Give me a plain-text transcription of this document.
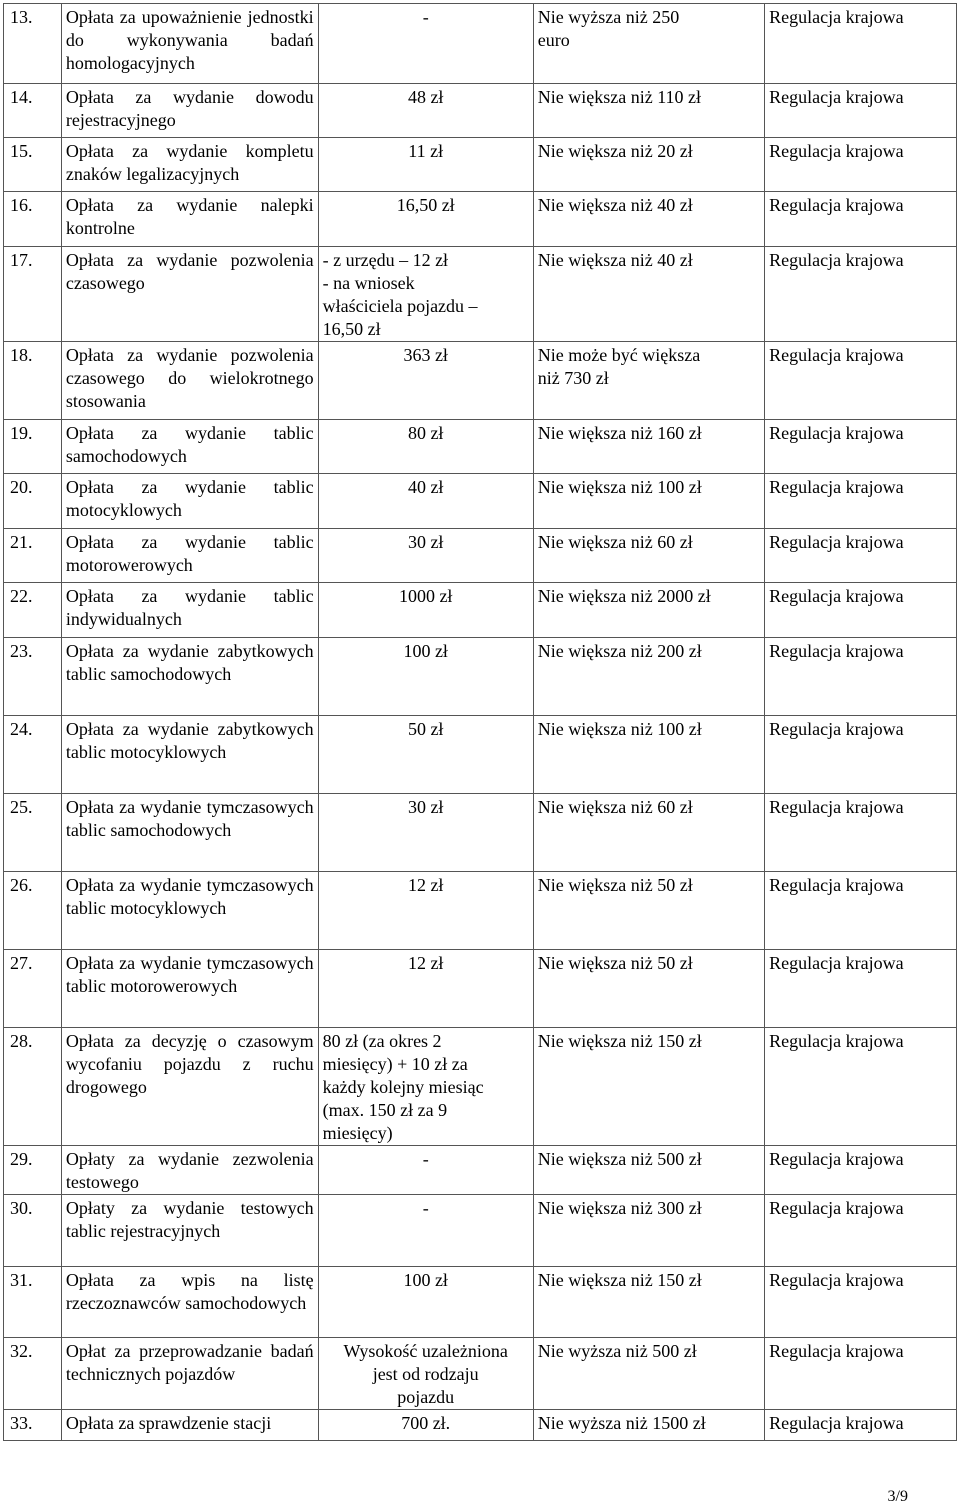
13.	Opłata za upoważnienie jednostki do wykonywania badań homologacyjnych	-	Nie wyższa niż 250
euro	Regulacja krajowa
14.	Opłata za wydanie dowodu rejestracyjnego	48 zł	Nie większa niż 110 zł	Regulacja krajowa
15.	Opłata za wydanie kompletu znaków legalizacyjnych	11 zł	Nie większa niż 20 zł	Regulacja krajowa
16.	Opłata za wydanie nalepki kontrolne	16,50 zł	Nie większa niż 40 zł	Regulacja krajowa
17.	Opłata za wydanie pozwolenia czasowego	- z urzędu – 12 zł
- na wniosek
właściciela pojazdu –
16,50 zł	Nie większa niż 40 zł	Regulacja krajowa
18.	Opłata za wydanie pozwolenia czasowego do wielokrotnego stosowania	363 zł	Nie może być większa
niż 730 zł	Regulacja krajowa
19.	Opłata za wydanie tablic samochodowych	80 zł	Nie większa niż 160 zł	Regulacja krajowa
20.	Opłata za wydanie tablic motocyklowych	40 zł	Nie większa niż 100 zł	Regulacja krajowa
21.	Opłata za wydanie tablic motorowerowych	30 zł	Nie większa niż 60 zł	Regulacja krajowa
22.	Opłata za wydanie tablic indywidualnych	1000 zł	Nie większa niż 2000 zł	Regulacja krajowa
23.	Opłata za wydanie zabytkowych tablic samochodowych	100 zł	Nie większa niż 200 zł	Regulacja krajowa
24.	Opłata za wydanie zabytkowych tablic motocyklowych	50 zł	Nie większa niż 100 zł	Regulacja krajowa
25.	Opłata za wydanie tymczasowych tablic samochodowych	30 zł	Nie większa niż 60 zł	Regulacja krajowa
26.	Opłata za wydanie tymczasowych tablic motocyklowych	12 zł	Nie większa niż 50 zł	Regulacja krajowa
27.	Opłata za wydanie tymczasowych tablic motorowerowych	12 zł	Nie większa niż 50 zł	Regulacja krajowa
28.	Opłata za decyzję o czasowym wycofaniu pojazdu z ruchu drogowego	80 zł (za okres 2
miesięcy) + 10 zł za
każdy kolejny miesiąc
(max. 150 zł za 9
miesięcy)	Nie większa niż 150 zł	Regulacja krajowa
29.	Opłaty za wydanie zezwolenia testowego	-	Nie większa niż 500 zł	Regulacja krajowa
30.	Opłaty za wydanie testowych tablic rejestracyjnych	-	Nie większa niż 300 zł	Regulacja krajowa
31.	Opłata za wpis na listę rzeczoznawców samochodowych	100 zł	Nie większa niż 150 zł	Regulacja krajowa
32.	Opłat za przeprowadzanie badań technicznych pojazdów	Wysokość uzależniona
jest od rodzaju
pojazdu	Nie wyższa niż 500 zł	Regulacja krajowa
33.	Opłata za sprawdzenie stacji	700 zł.	Nie wyższa niż 1500 zł	Regulacja krajowa
3/9
